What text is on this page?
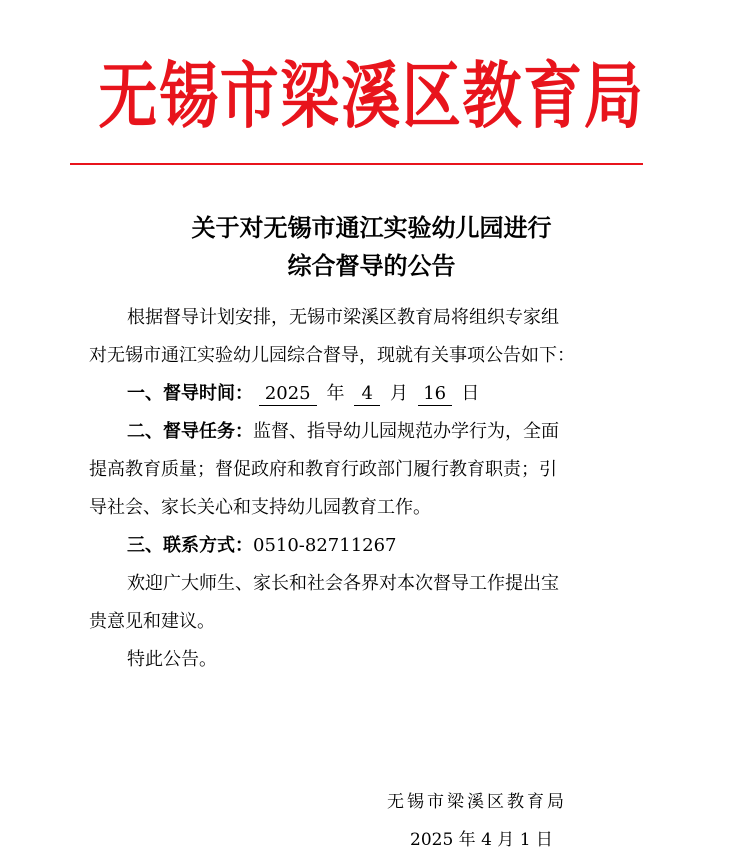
无锡市梁溪区教育局
关于对无锡市通江实验幼儿园进行
综合督导的公告
根据督导计划安排，无锡市梁溪区教育局将组织专家组
对无锡市通江实验幼儿园综合督导，现就有关事项公告如下：
一、督导时间： 2025 年 4 月 16 日
二、督导任务：监督、指导幼儿园规范办学行为，全面
提高教育质量；督促政府和教育行政部门履行教育职责；引
导社会、家长关心和支持幼儿园教育工作。
三、联系方式：0510-82711267
欢迎广大师生、家长和社会各界对本次督导工作提出宝
贵意见和建议。
特此公告。
无锡市梁溪区教育局
2025 年 4 月 1 日
